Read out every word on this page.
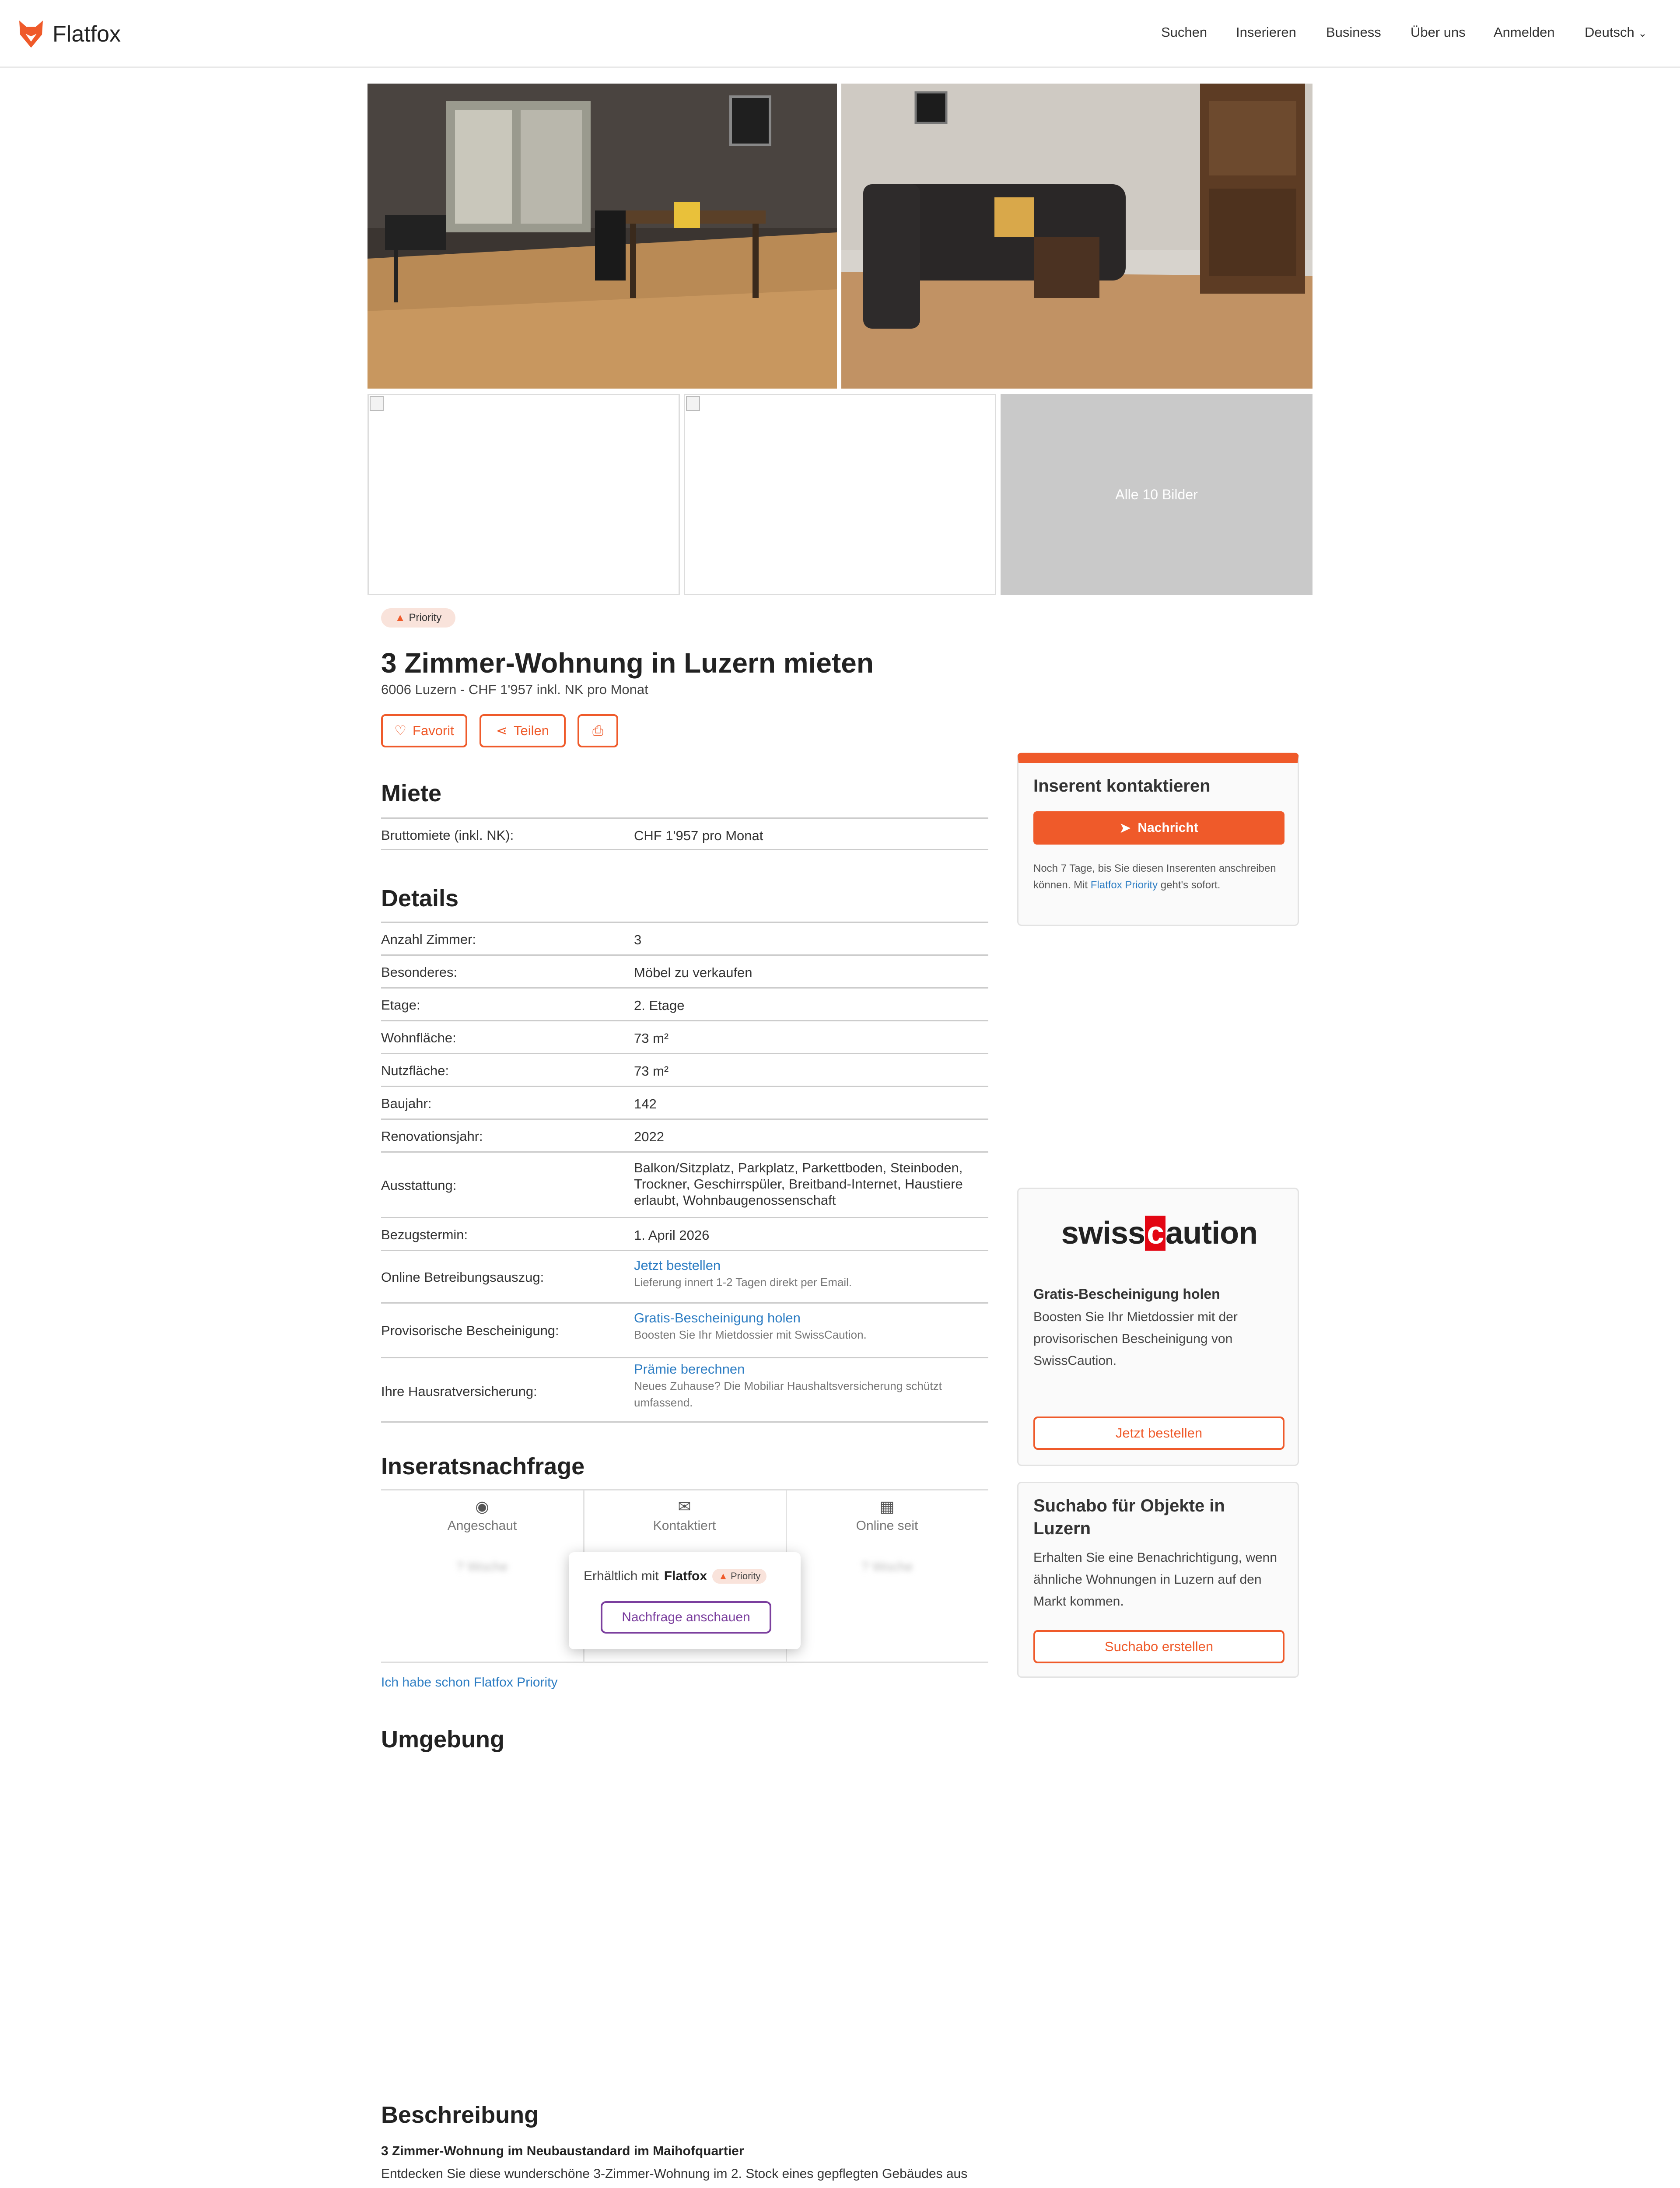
Flatfox	Suchen Inserieren Business Über uns Anmelden Deutsch ⌄
Alle 10 Bilder
▲ Priority
3 Zimmer-Wohnung in Luzern mieten
6006 Luzern - CHF 1'957 inkl. NK pro Monat
♡ Favorit	⋖ Teilen	⎙
Miete
Bruttomiete (inkl. NK):	CHF 1'957 pro Monat
Details
Anzahl Zimmer:	3
Besonderes:	Möbel zu verkaufen
Etage:	2. Etage
Wohnfläche:	73 m²
Nutzfläche:	73 m²
Baujahr:	142
Renovationsjahr:	2022
Ausstattung:
Balkon/Sitzplatz, Parkplatz, Parkettboden, Steinboden, Trockner, Geschirrspüler, Breitband-Internet, Haustiere erlaubt, Wohnbaugenossenschaft
Bezugstermin:	1. April 2026
Online Betreibungsauszug:
Jetzt bestellen
Lieferung innert 1-2 Tagen direkt per Email.
Provisorische Bescheinigung:
Gratis-Bescheinigung holen
Boosten Sie Ihr Mietdossier mit SwissCaution.
Ihre Hausratversicherung:
Prämie berechnen
Neues Zuhause? Die Mobiliar Haushaltsversicherung schützt umfassend.
Inseratsnachfrage
◉
Angeschaut
? Woche
✉
Kontaktiert
▦
Online seit
? Woche
Erhältlich mit Flatfox	▲ Priority
Nachfrage anschauen
Ich habe schon Flatfox Priority
Umgebung
Beschreibung

3 Zimmer-Wohnung im Neubaustandard im Maihofquartier

Entdecken Sie diese wunderschöne 3-Zimmer-Wohnung im 2. Stock eines gepflegten Gebäudes aus

Inserent kontaktieren
➤ Nachricht
Noch 7 Tage, bis Sie diesen Inserenten anschreiben können. Mit Flatfox Priority geht's sofort.
swisscaution
Gratis-Bescheinigung holen
Boosten Sie Ihr Mietdossier mit der provisorischen Bescheinigung von SwissCaution.
Jetzt bestellen
Suchabo für Objekte in Luzern
Erhalten Sie eine Benachrichtigung, wenn ähnliche Wohnungen in Luzern auf den Markt kommen.
Suchabo erstellen
